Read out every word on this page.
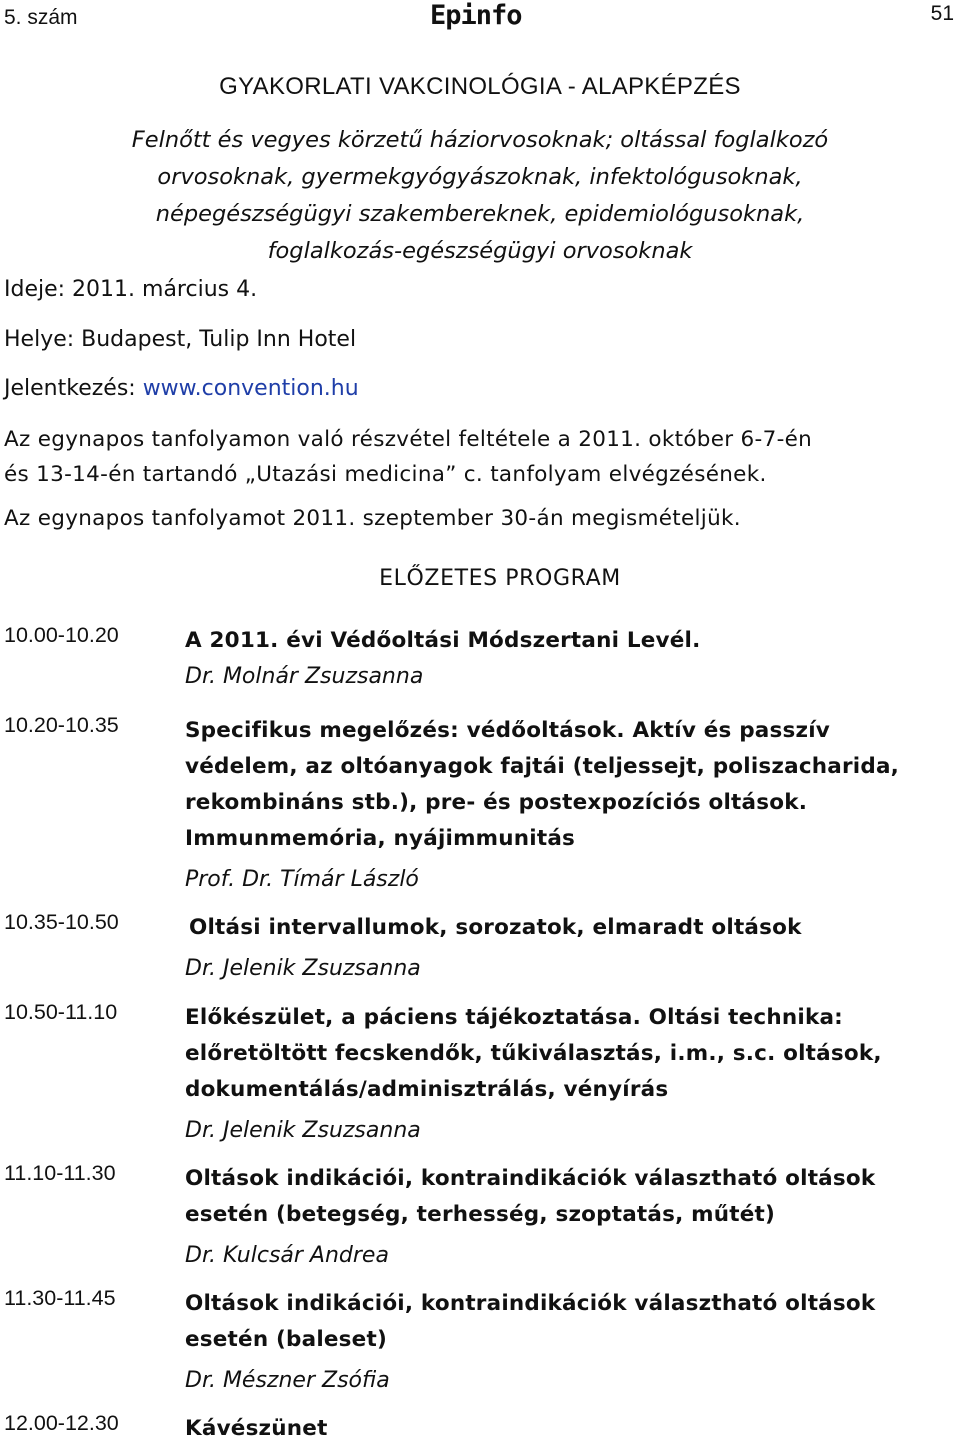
5. szám	Epinfo	51
GYAKORLATI VAKCINOLÓGIA - ALAPKÉPZÉS
Felnőtt és vegyes körzetű háziorvosoknak; oltással foglalkozó
orvosoknak, gyermekgyógyászoknak, infektológusoknak,
népegészségügyi szakembereknek, epidemiológusoknak,
foglalkozás-egészségügyi orvosoknak
Ideje: 2011. március 4.
Helye: Budapest, Tulip Inn Hotel
Jelentkezés: www.convention.hu
Az egynapos tanfolyamon való részvétel feltétele a 2011. október 6-7-én
és 13-14-én tartandó „Utazási medicina” c. tanfolyam elvégzésének.
Az egynapos tanfolyamot 2011. szeptember 30-án megismételjük.
ELŐZETES PROGRAM
10.00-10.20	A 2011. évi Védőoltási Módszertani Levél.
Dr. Molnár Zsuzsanna
10.20-10.35	Specifikus megelőzés: védőoltások. Aktív és passzív
védelem, az oltóanyagok fajtái (teljessejt, poliszacharida,
rekombináns stb.), pre- és postexpozíciós oltások.
Immunmemória, nyájimmunitás
Prof. Dr. Tímár László
10.35-10.50	Oltási intervallumok, sorozatok, elmaradt oltások
Dr. Jelenik Zsuzsanna
10.50-11.10	Előkészület, a páciens tájékoztatása. Oltási technika:
előretöltött fecskendők, tűkiválasztás, i.m., s.c. oltások,
dokumentálás/adminisztrálás, vényírás
Dr. Jelenik Zsuzsanna
11.10-11.30	Oltások indikációi, kontraindikációk választható oltások
esetén (betegség, terhesség, szoptatás, műtét)
Dr. Kulcsár Andrea
11.30-11.45	Oltások indikációi, kontraindikációk választható oltások
esetén (baleset)
Dr. Mészner Zsófia
12.00-12.30	Kávészünet
